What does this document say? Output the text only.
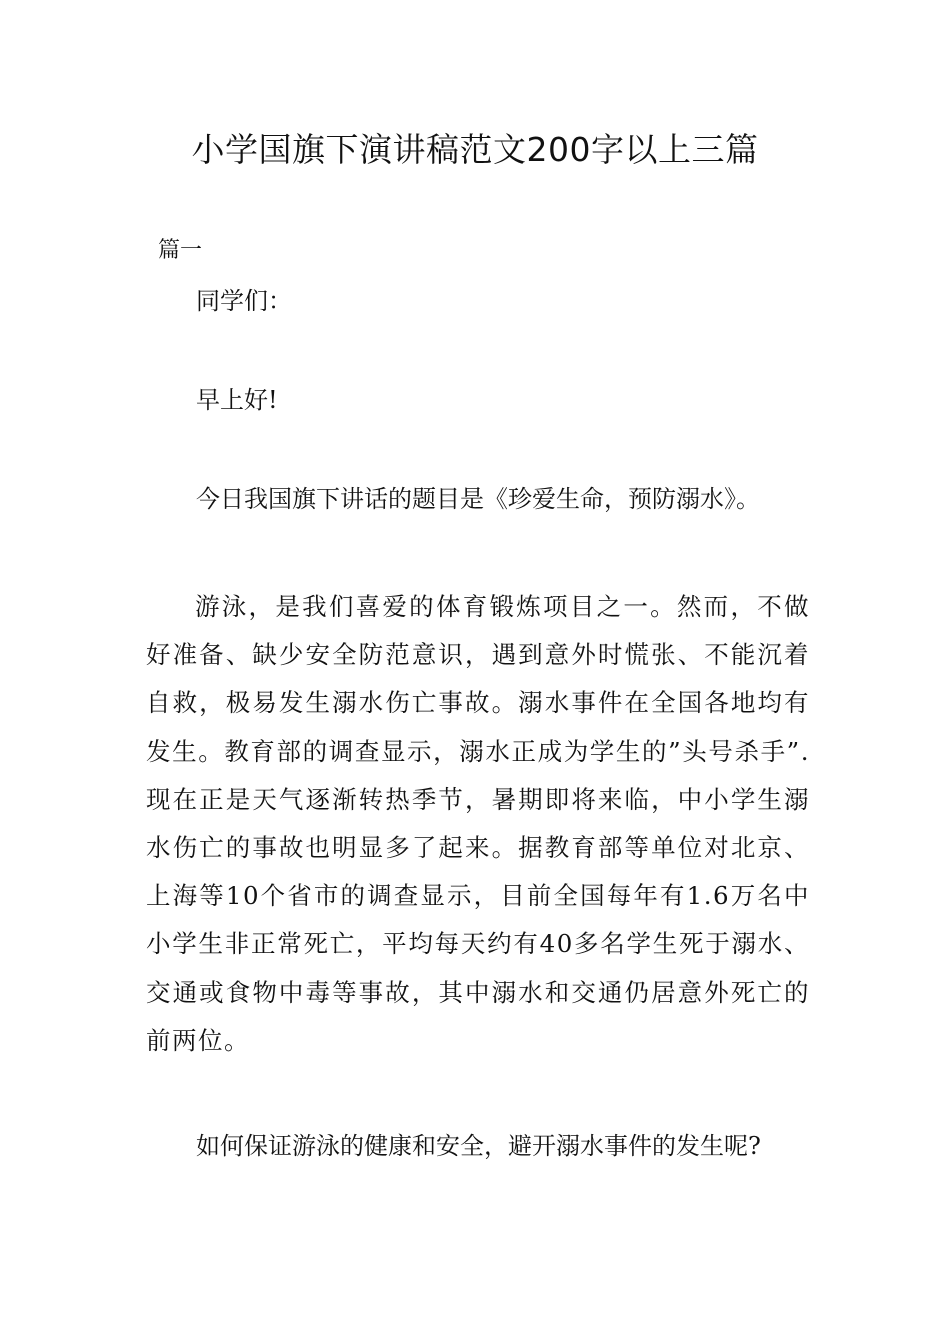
小学国旗下演讲稿范文200字以上三篇
篇一
同学们：
早上好!
今日我国旗下讲话的题目是《珍爱生命，预防溺水》。
游泳，是我们喜爱的体育锻炼项目之一。然而，不做好准备、缺少安全防范意识，遇到意外时慌张、不能沉着自救，极易发生溺水伤亡事故。溺水事件在全国各地均有发生。教育部的调查显示，溺水正成为学生的”头号杀手”.现在正是天气逐渐转热季节，暑期即将来临，中小学生溺水伤亡的事故也明显多了起来。据教育部等单位对北京、上海等10个省市的调查显示，目前全国每年有1.6万名中小学生非正常死亡，平均每天约有40多名学生死于溺水、交通或食物中毒等事故，其中溺水和交通仍居意外死亡的前两位。
如何保证游泳的健康和安全，避开溺水事件的发生呢?
